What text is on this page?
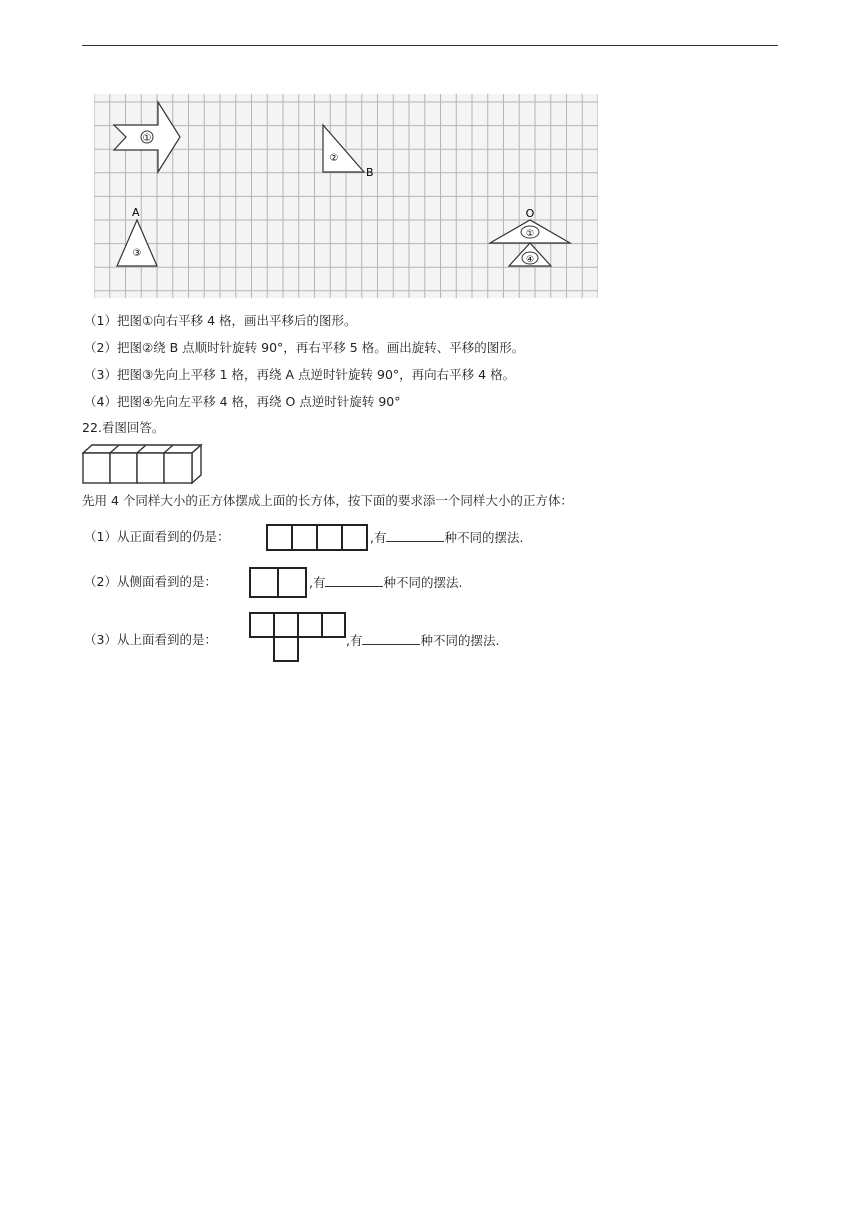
①
②
B
③
A
①
④
O
（1）把图①向右平移 4 格，画出平移后的图形。
（2）把图②绕 B 点顺时针旋转 90°，再右平移 5 格。画出旋转、平移的图形。
（3）把图③先向上平移 1 格，再绕 A 点逆时针旋转 90°，再向右平移 4 格。
（4）把图④先向左平移 4 格，再绕 O 点逆时针旋转 90°
22.看图回答。
先用 4 个同样大小的正方体摆成上面的长方体，按下面的要求添一个同样大小的正方体：
（1）从正面看到的仍是：	,有	种不同的摆法.
（2）从侧面看到的是：	,有	种不同的摆法.
（3）从上面看到的是：	,有	种不同的摆法.
